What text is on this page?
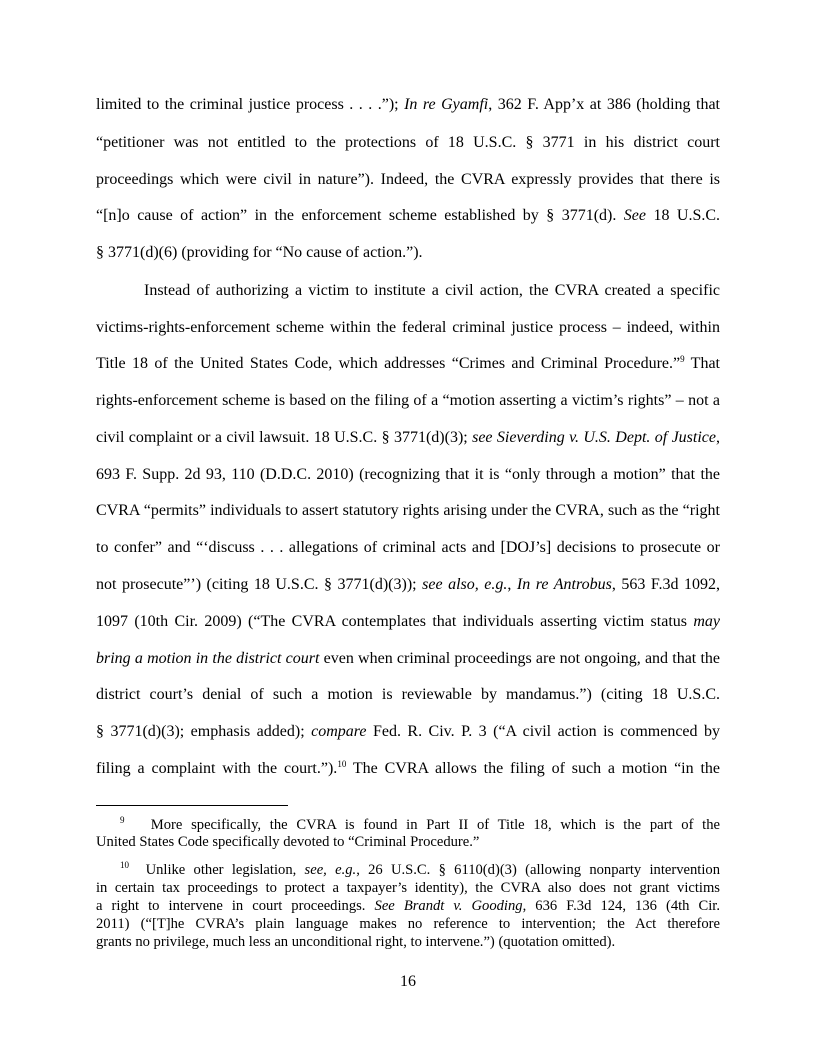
limited to the criminal justice process . . . .”); In re Gyamfi, 362 F. App’x at 386 (holding that
“petitioner was not entitled to the protections of 18 U.S.C. § 3771 in his district court
proceedings which were civil in nature”). Indeed, the CVRA expressly provides that there is
“[n]o cause of action” in the enforcement scheme established by § 3771(d). See 18 U.S.C.
§ 3771(d)(6) (providing for “No cause of action.”).
Instead of authorizing a victim to institute a civil action, the CVRA created a specific
victims-rights-enforcement scheme within the federal criminal justice process – indeed, within
Title 18 of the United States Code, which addresses “Crimes and Criminal Procedure.”$^9$ That
rights-enforcement scheme is based on the filing of a “motion asserting a victim’s rights” – not a
civil complaint or a civil lawsuit. 18 U.S.C. § 3771(d)(3); see Sieverding v. U.S. Dept. of Justice,
693 F. Supp. 2d 93, 110 (D.D.C. 2010) (recognizing that it is “only through a motion” that the
CVRA “permits” individuals to assert statutory rights arising under the CVRA, such as the “right
to confer” and “‘discuss . . . allegations of criminal acts and [DOJ’s] decisions to prosecute or
not prosecute”’) (citing 18 U.S.C. § 3771(d)(3)); see also, e.g., In re Antrobus, 563 F.3d 1092,
1097 (10th Cir. 2009) (“The CVRA contemplates that individuals asserting victim status may
bring a motion in the district court even when criminal proceedings are not ongoing, and that the
district court’s denial of such a motion is reviewable by mandamus.”) (citing 18 U.S.C.
§ 3771(d)(3); emphasis added); compare Fed. R. Civ. P. 3 (“A civil action is commenced by
filing a complaint with the court.”).$^{10}$ The CVRA allows the filing of such a motion “in the
$^9$ More specifically, the CVRA is found in Part II of Title 18, which is the part of the
United States Code specifically devoted to “Criminal Procedure.”
$^{10}$ Unlike other legislation, see, e.g., 26 U.S.C. § 6110(d)(3) (allowing nonparty intervention
in certain tax proceedings to protect a taxpayer’s identity), the CVRA also does not grant victims
a right to intervene in court proceedings. See Brandt v. Gooding, 636 F.3d 124, 136 (4th Cir.
2011) (“[T]he CVRA’s plain language makes no reference to intervention; the Act therefore
grants no privilege, much less an unconditional right, to intervene.”) (quotation omitted).
16
